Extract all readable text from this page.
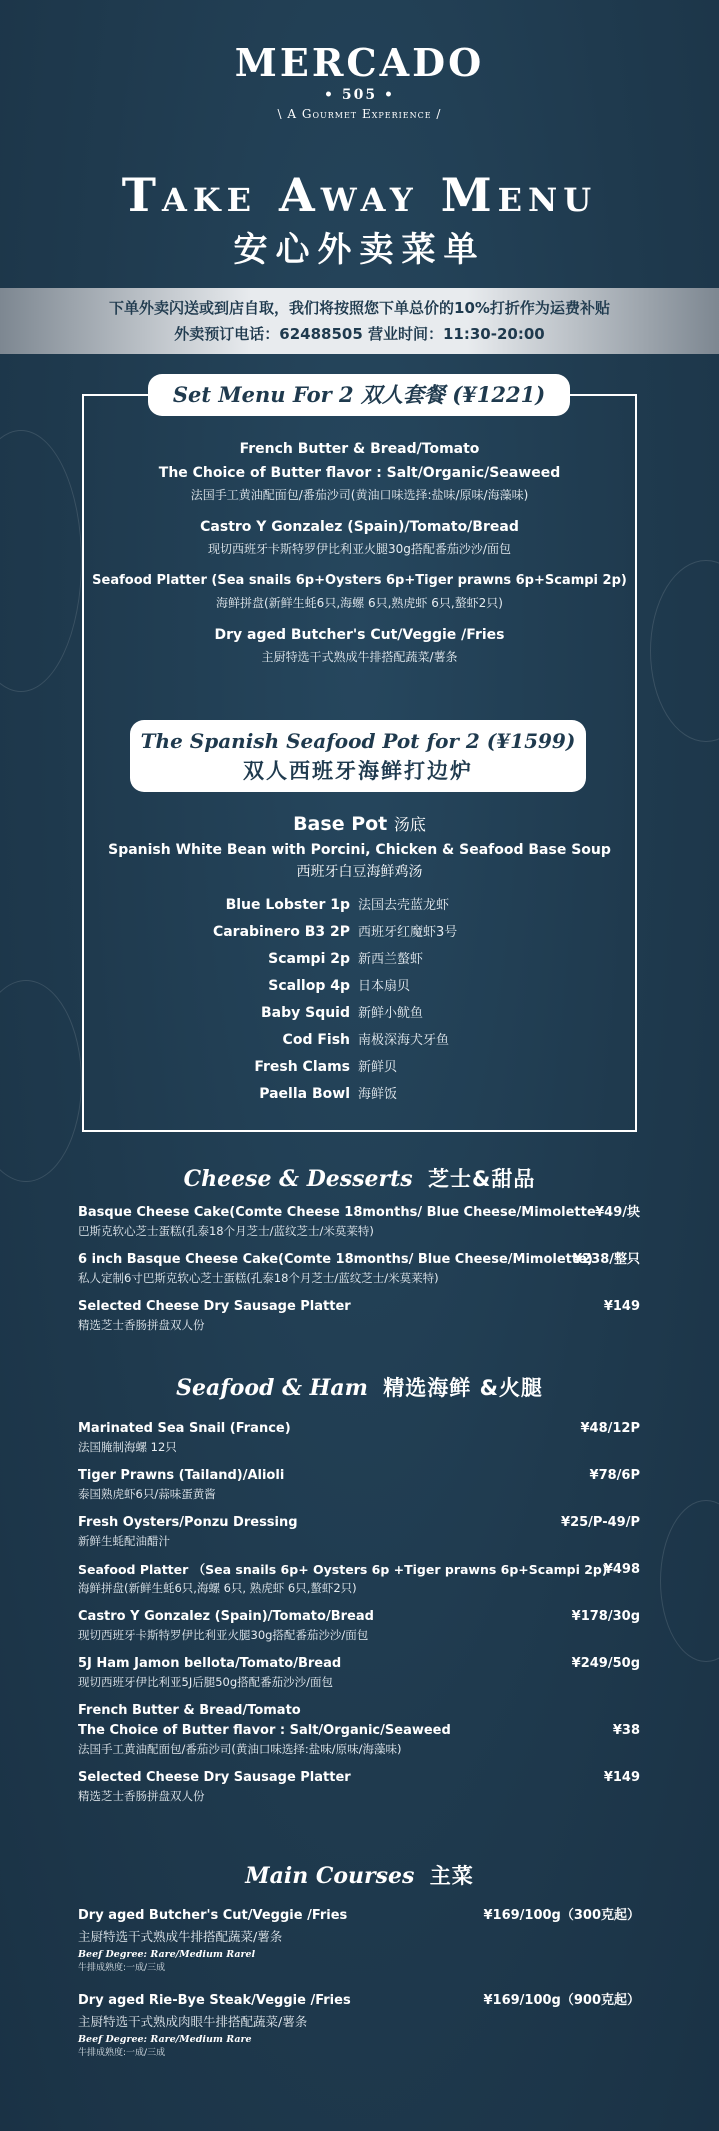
MERCADO
• 505 •
\ A Gourmet Experience /
Take Away Menu
安心外卖菜单
下单外卖闪送或到店自取，我们将按照您下单总价的10%打折作为运费补贴
外卖预订电话：62488505 营业时间：11:30-20:00
Set Menu For 2 双人套餐 (¥1221)
French Butter & Bread/Tomato
The Choice of Butter flavor : Salt/Organic/Seaweed
法国手工黄油配面包/番茄沙司(黄油口味选择:盐味/原味/海藻味)
Castro Y Gonzalez (Spain)/Tomato/Bread
现切西班牙卡斯特罗伊比利亚火腿30g搭配番茄沙沙/面包
Seafood Platter (Sea snails 6p+Oysters 6p+Tiger prawns 6p+Scampi 2p)
海鲜拼盘(新鲜生蚝6只,海螺 6只,熟虎虾 6只,螯虾2只)
Dry aged Butcher's Cut/Veggie /Fries
主厨特选干式熟成牛排搭配蔬菜/薯条
The Spanish Seafood Pot for 2 (¥1599)
双人西班牙海鲜打边炉
Base Pot 汤底
Spanish White Bean with Porcini, Chicken & Seafood Base Soup
西班牙白豆海鲜鸡汤
Blue Lobster 1p 法国去壳蓝龙虾
Carabinero B3 2P 西班牙红魔虾3号
Scampi 2p 新西兰螯虾
Scallop 4p 日本扇贝
Baby Squid 新鲜小鱿鱼
Cod Fish 南极深海犬牙鱼
Fresh Clams 新鲜贝
Paella Bowl 海鲜饭
Cheese & Desserts 芝士&甜品
Basque Cheese Cake(Comte Cheese 18months/ Blue Cheese/Mimolette
巴斯克软心芝士蛋糕(孔泰18个月芝士/蓝纹芝士/米莫莱特)
¥49/块
6 inch Basque Cheese Cake(Comte 18months/ Blue Cheese/Mimolette)
私人定制6寸巴斯克软心芝士蛋糕(孔泰18个月芝士/蓝纹芝士/米莫莱特)
¥238/整只
Selected Cheese Dry Sausage Platter
精选芝士香肠拼盘双人份
¥149
Seafood & Ham 精选海鲜 &火腿
Marinated Sea Snail (France)
法国腌制海螺 12只
¥48/12P
Tiger Prawns (Tailand)/Alioli
泰国熟虎虾6只/蒜味蛋黄酱
¥78/6P
Fresh Oysters/Ponzu Dressing
新鲜生蚝配油醋汁
¥25/P-49/P
Seafood Platter （Sea snails 6p+ Oysters 6p +Tiger prawns 6p+Scampi 2p)
海鲜拼盘(新鲜生蚝6只,海螺 6只, 熟虎虾 6只,螯虾2只)
¥498
Castro Y Gonzalez (Spain)/Tomato/Bread
现切西班牙卡斯特罗伊比利亚火腿30g搭配番茄沙沙/面包
¥178/30g
5J Ham Jamon bellota/Tomato/Bread
现切西班牙伊比利亚5J后腿50g搭配番茄沙沙/面包
¥249/50g
French Butter & Bread/Tomato
The Choice of Butter flavor : Salt/Organic/Seaweed
法国手工黄油配面包/番茄沙司(黄油口味选择:盐味/原味/海藻味)
¥38
Selected Cheese Dry Sausage Platter
精选芝士香肠拼盘双人份
¥149
Main Courses 主菜
Dry aged Butcher's Cut/Veggie /Fries
主厨特选干式熟成牛排搭配蔬菜/薯条
Beef Degree: Rare/Medium Rarel
牛排成熟度:一成/三成
¥169/100g（300克起）
Dry aged Rie-Bye Steak/Veggie /Fries
主厨特选干式熟成肉眼牛排搭配蔬菜/薯条
Beef Degree: Rare/Medium Rare
牛排成熟度:一成/三成
¥169/100g（900克起）
